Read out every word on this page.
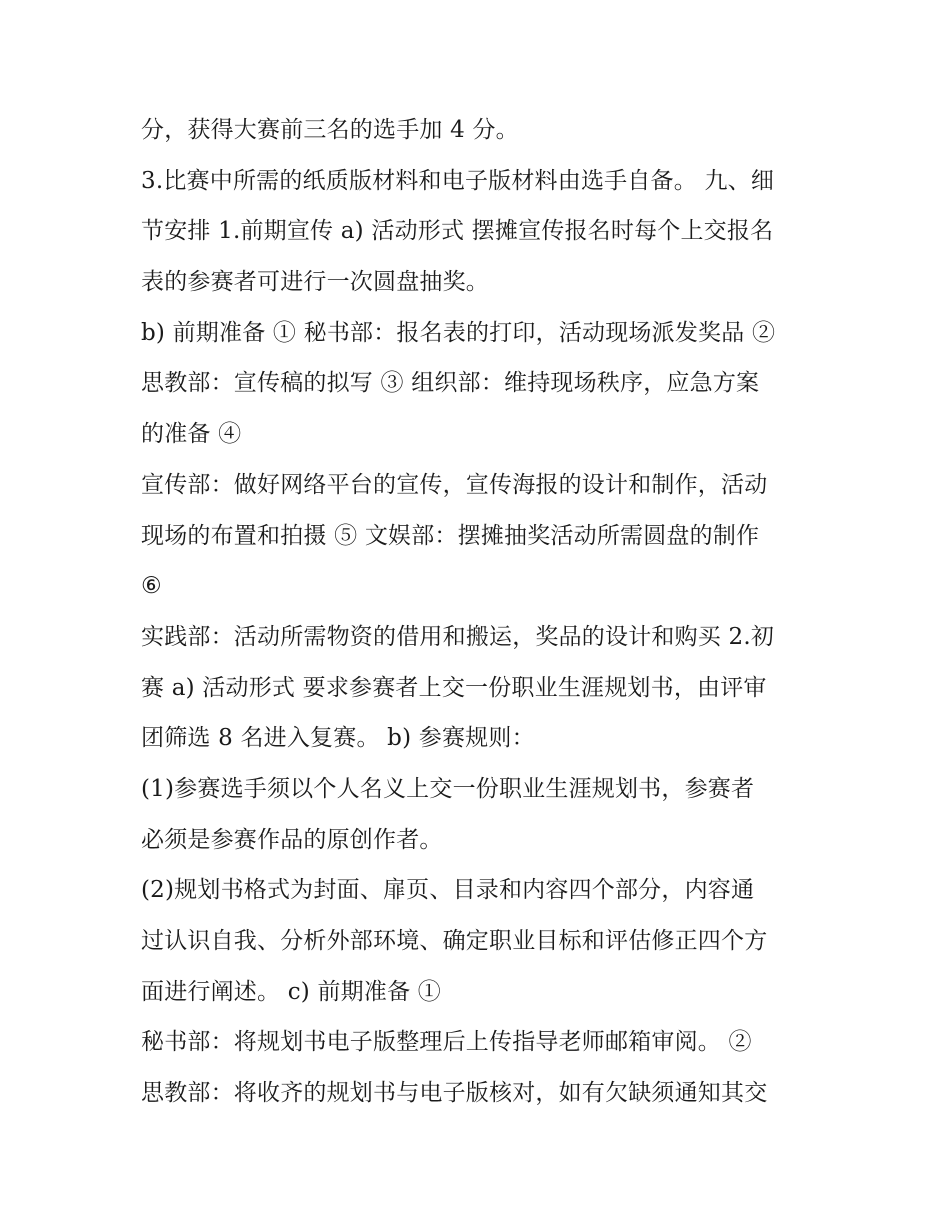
分，获得大赛前三名的选手加 4 分。
3.比赛中所需的纸质版材料和电子版材料由选手自备。 九、细
节安排 1.前期宣传 a) 活动形式 摆摊宣传报名时每个上交报名
表的参赛者可进行一次圆盘抽奖。
b) 前期准备 ① 秘书部：报名表的打印，活动现场派发奖品 ②
思教部：宣传稿的拟写 ③ 组织部：维持现场秩序，应急方案
的准备 ④
宣传部：做好网络平台的宣传，宣传海报的设计和制作，活动
现场的布置和拍摄 ⑤ 文娱部：摆摊抽奖活动所需圆盘的制作
⑥
实践部：活动所需物资的借用和搬运，奖品的设计和购买 2.初
赛 a) 活动形式 要求参赛者上交一份职业生涯规划书，由评审
团筛选 8 名进入复赛。 b) 参赛规则：
(1)参赛选手须以个人名义上交一份职业生涯规划书，参赛者
必须是参赛作品的原创作者。
(2)规划书格式为封面、扉页、目录和内容四个部分，内容通
过认识自我、分析外部环境、确定职业目标和评估修正四个方
面进行阐述。 c) 前期准备 ①
秘书部：将规划书电子版整理后上传指导老师邮箱审阅。 ②
思教部：将收齐的规划书与电子版核对，如有欠缺须通知其交
